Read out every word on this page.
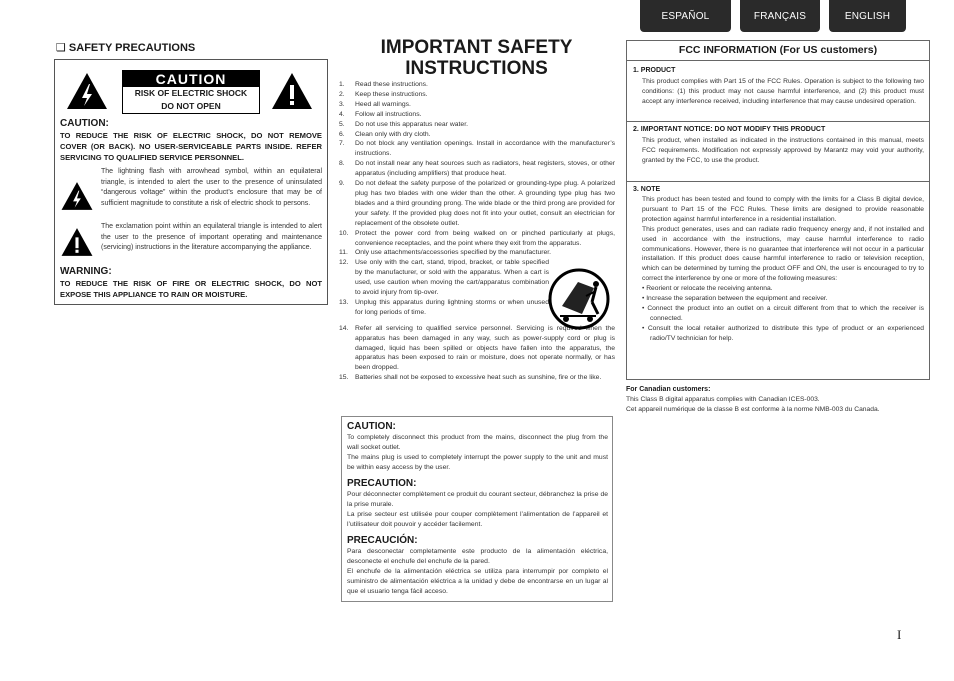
ESPAÑOL	FRANÇAIS	ENGLISH
❑ SAFETY PRECAUTIONS
CAUTION
RISK OF ELECTRIC SHOCK
DO NOT OPEN
CAUTION:
TO REDUCE THE RISK OF ELECTRIC SHOCK, DO NOT REMOVE COVER (OR BACK). NO USER-SERVICEABLE PARTS INSIDE. REFER SERVICING TO QUALIFIED SERVICE PERSONNEL.
The lightning flash with arrowhead symbol, within an equilateral triangle, is intended to alert the user to the presence of uninsulated “dangerous voltage” within the product’s enclosure that may be of sufficient magnitude to constitute a risk of electric shock to persons.
The exclamation point within an equilateral triangle is intended to alert the user to the presence of important operating and maintenance (servicing) instructions in the literature accompanying the appliance.
WARNING:
TO REDUCE THE RISK OF FIRE OR ELECTRIC SHOCK, DO NOT EXPOSE THIS APPLIANCE TO RAIN OR MOISTURE.
IMPORTANT SAFETY INSTRUCTIONS
1.	Read these instructions.
2.	Keep these instructions.
3.	Heed all warnings.
4.	Follow all instructions.
5.	Do not use this apparatus near water.
6.	Clean only with dry cloth.
7.	Do not block any ventilation openings. Install in accordance with the manufacturer’s instructions.
8.	Do not install near any heat sources such as radiators, heat registers, stoves, or other apparatus (including amplifiers) that produce heat.
9.	Do not defeat the safety purpose of the polarized or grounding-type plug. A polarized plug has two blades with one wider than the other. A grounding type plug has two blades and a third grounding prong. The wide blade or the third prong are provided for your safety. If the provided plug does not fit into your outlet, consult an electrician for replacement of the obsolete outlet.
10. Protect the power cord from being walked on or pinched particularly at plugs, convenience receptacles, and the point where they exit from the apparatus.
11.	Only use attachments/accessories specified by the manufacturer.
12. Use only with the cart, stand, tripod, bracket, or table specified by the manufacturer, or sold with the apparatus. When a cart is used, use caution when moving the cart/apparatus combination to avoid injury from tip-over.
13. Unplug this apparatus during lightning storms or when unused for long periods of time.
14. Refer all servicing to qualified service personnel. Servicing is required when the apparatus has been damaged in any way, such as power-supply cord or plug is damaged, liquid has been spilled or objects have fallen into the apparatus, the apparatus has been exposed to rain or moisture, does not operate normally, or has been dropped.
15. Batteries shall not be exposed to excessive heat such as sunshine, fire or the like.
CAUTION:
To completely disconnect this product from the mains, disconnect the plug from the wall socket outlet.
The mains plug is used to completely interrupt the power supply to the unit and must be within easy access by the user.
PRECAUTION:
Pour déconnecter complètement ce produit du courant secteur, débranchez la prise de la prise murale.
La prise secteur est utilisée pour couper complètement l’alimentation de l’appareil et l’utilisateur doit pouvoir y accéder facilement.
PRECAUCIÓN:
Para desconectar completamente este producto de la alimentación eléctrica, desconecte el enchufe del enchufe de la pared.
El enchufe de la alimentación eléctrica se utiliza para interrumpir por completo el suministro de alimentación eléctrica a la unidad y debe de encontrarse en un lugar al que el usuario tenga fácil acceso.
FCC INFORMATION (For US customers)
1. PRODUCT
This product complies with Part 15 of the FCC Rules. Operation is subject to the following two conditions: (1) this product may not cause harmful interference, and (2) this product must accept any interference received, including interference that may cause undesired operation.
2. IMPORTANT NOTICE: DO NOT MODIFY THIS PRODUCT
This product, when installed as indicated in the instructions contained in this manual, meets FCC requirements. Modification not expressly approved by Marantz may void your authority, granted by the FCC, to use the product.
3. NOTE
This product has been tested and found to comply with the limits for a Class B digital device, pursuant to Part 15 of the FCC Rules. These limits are designed to provide reasonable protection against harmful interference in a residential installation.
This product generates, uses and can radiate radio frequency energy and, if not installed and used in accordance with the instructions, may cause harmful interference to radio communications. However, there is no guarantee that interference will not occur in a particular installation. If this product does cause harmful interference to radio or television reception, which can be determined by turning the product OFF and ON, the user is encouraged to try to correct the interference by one or more of the following measures:
• Reorient or relocate the receiving antenna.
• Increase the separation between the equipment and receiver.
• Connect the product into an outlet on a circuit different from that to which the receiver is connected.
• Consult the local retailer authorized to distribute this type of product or an experienced radio/TV technician for help.
For Canadian customers:
This Class B digital apparatus complies with Canadian ICES-003.
Cet appareil numérique de la classe B est conforme à la norme NMB-003 du Canada.
I
